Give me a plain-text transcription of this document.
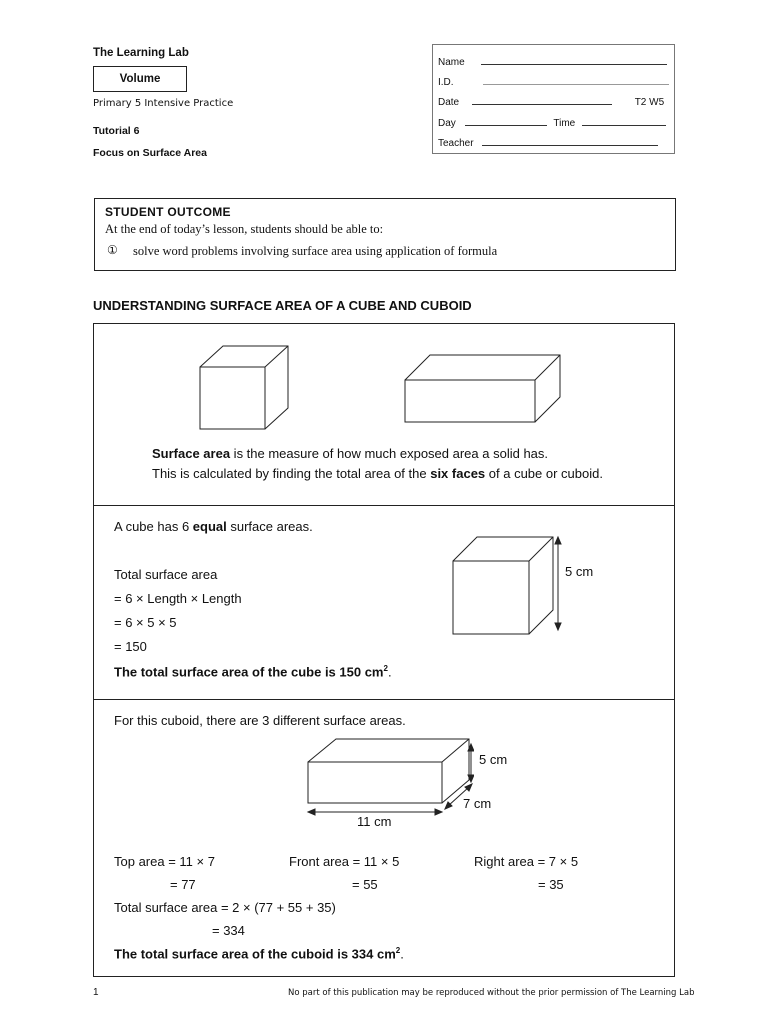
The Learning Lab
Volume
Primary 5 Intensive Practice
Tutorial 6
Focus on Surface Area
Name
I.D.
Date	T2 W5
Day	Time
Teacher
STUDENT OUTCOME
At the end of today’s lesson, students should be able to:
① solve word problems involving surface area using application of formula
UNDERSTANDING SURFACE AREA OF A CUBE AND CUBOID
Surface area is the measure of how much exposed area a solid has.
This is calculated by finding the total area of the six faces of a cube or cuboid.
A cube has 6 equal surface areas.
Total surface area
= 6 × Length × Length
= 6 × 5 × 5
= 150
The total surface area of the cube is 150 $cm^2$.
5 cm
For this cuboid, there are 3 different surface areas.
5 cm
7 cm
11 cm
Top area = 11 × 7
= 77
Front area = 11 × 5
= 55
Right area = 7 × 5
= 35
Total surface area = 2 × (77 + 55 + 35)
= 334
The total surface area of the cuboid is 334 $cm^2$.
1	No part of this publication may be reproduced without the prior permission of The Learning Lab
